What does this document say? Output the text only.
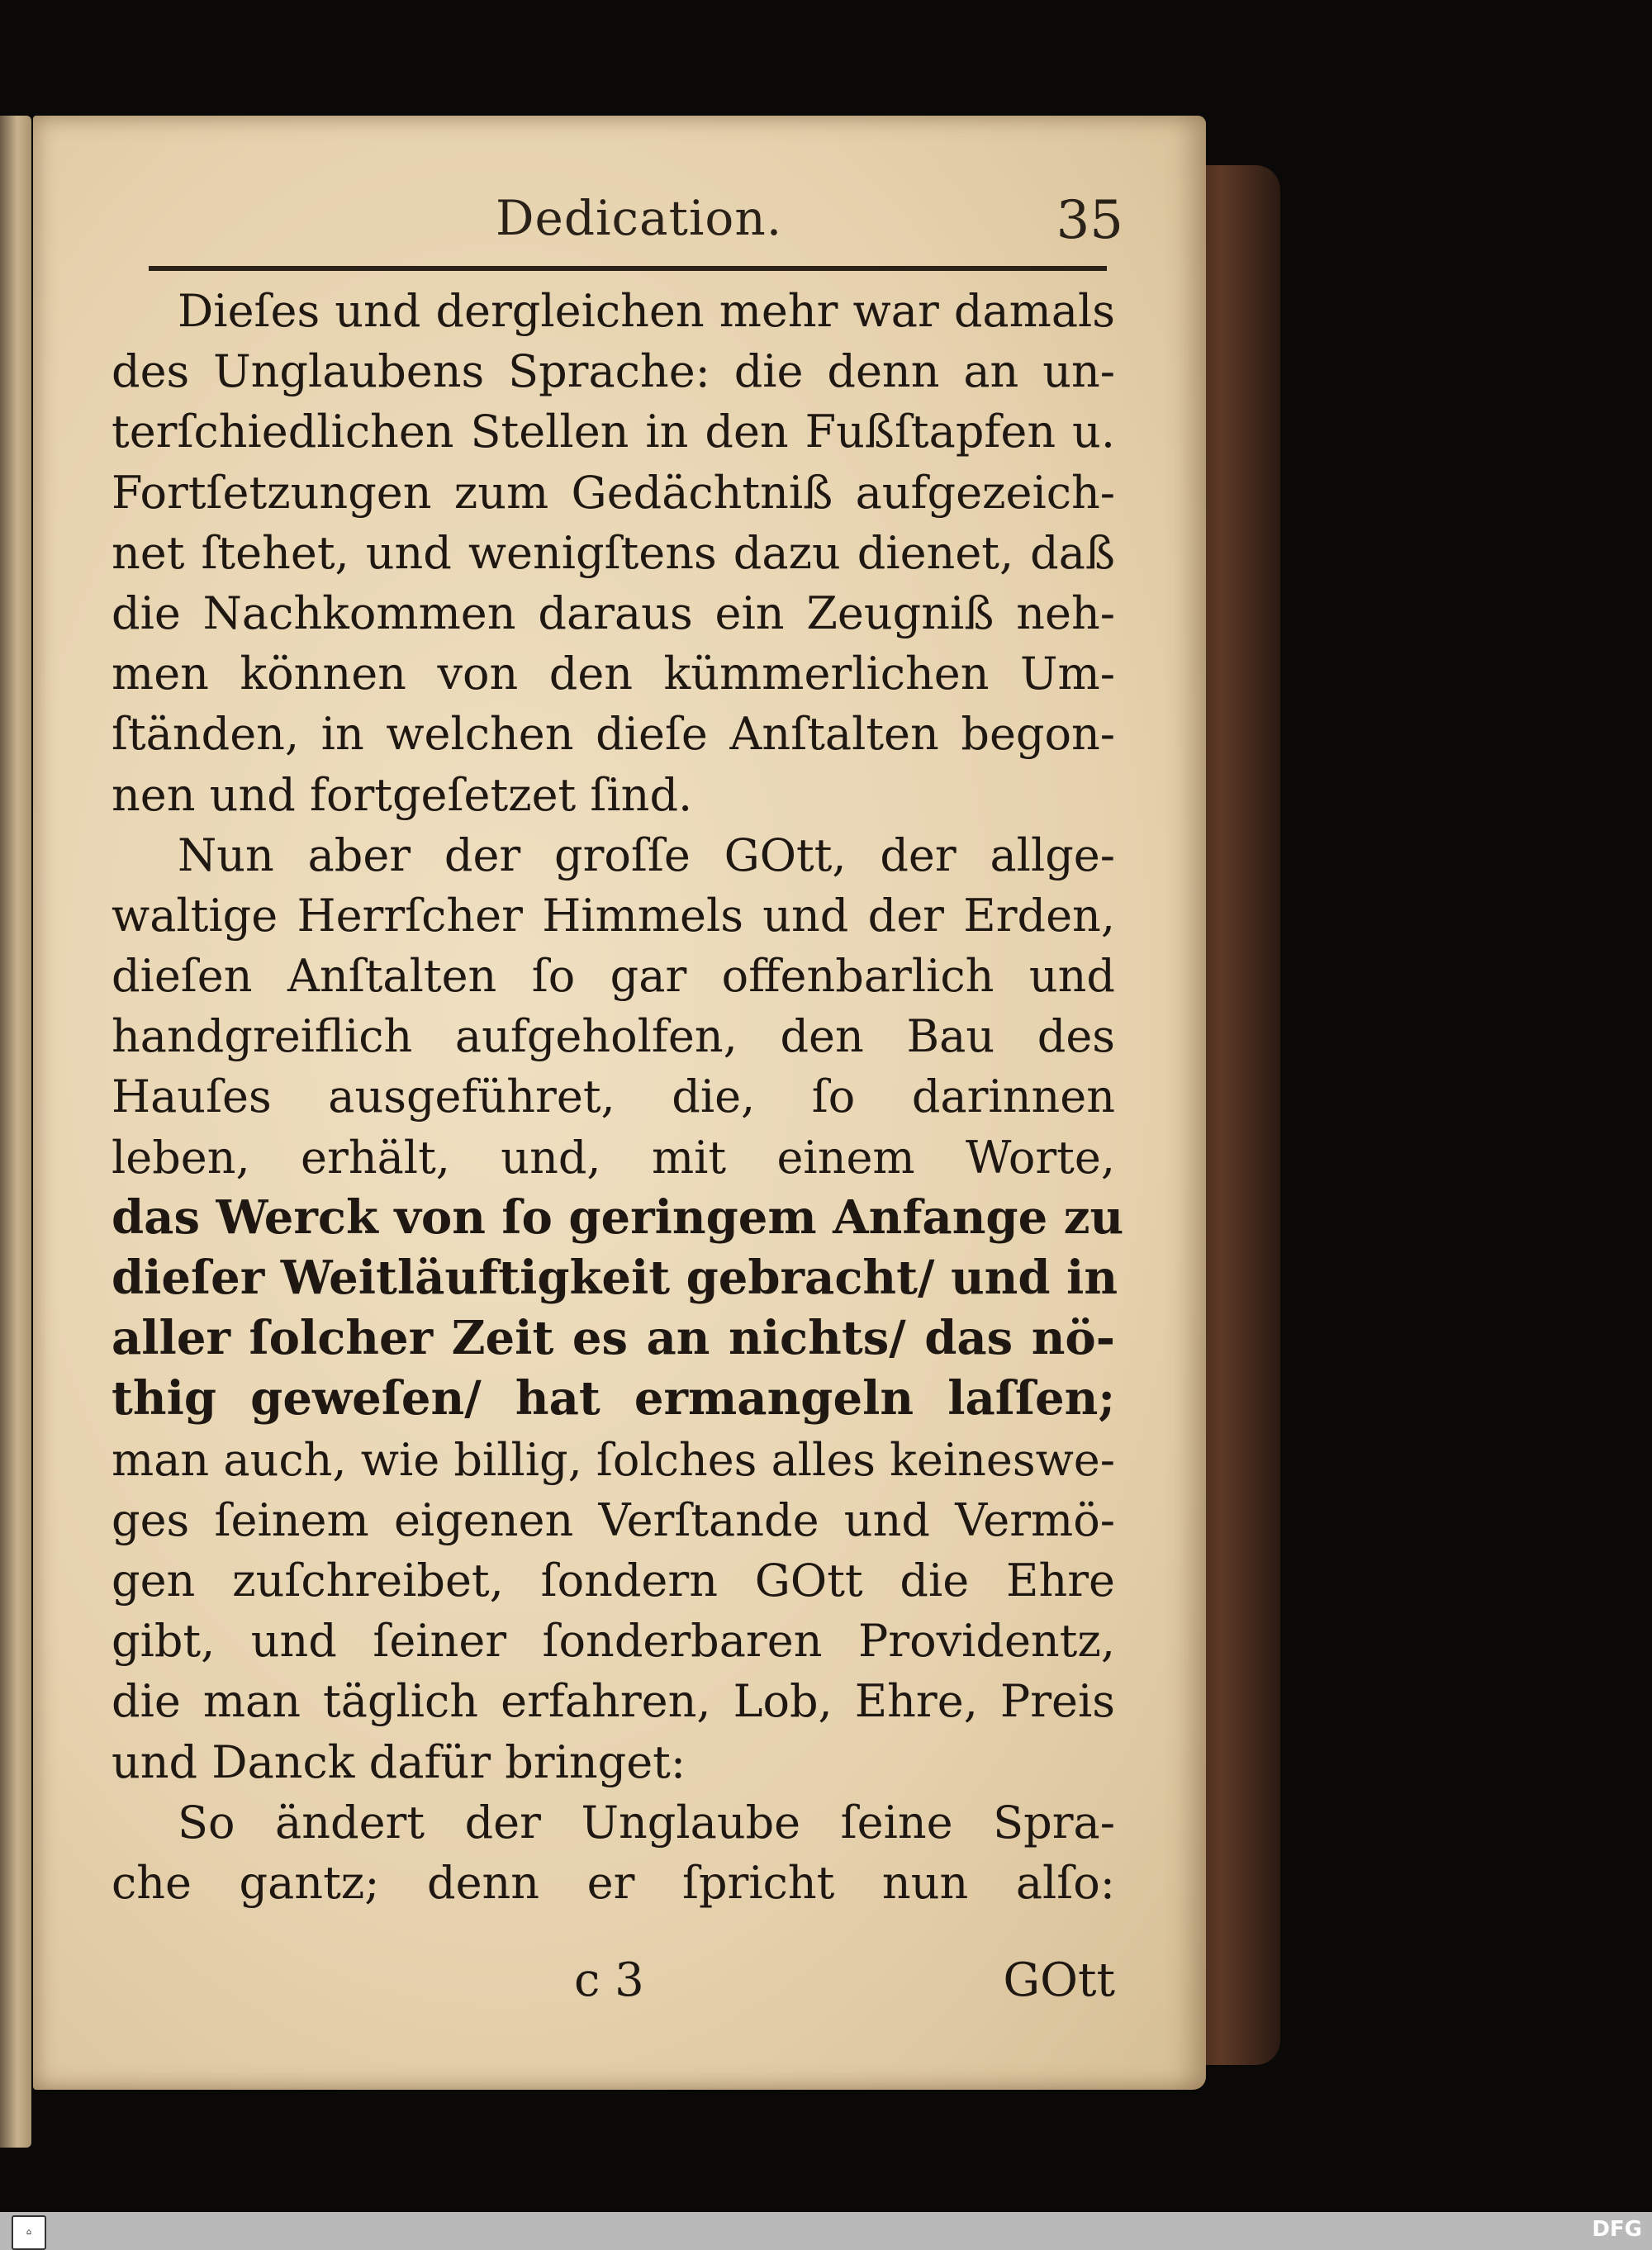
Dedication.	35
Dieſes und dergleichen mehr war damals
des Unglaubens Sprache: die denn an un-
terſchiedlichen Stellen in den Fußſtapfen u.
Fortſetzungen zum Gedächtniß aufgezeich-
net ſtehet, und wenigſtens dazu dienet, daß
die Nachkommen daraus ein Zeugniß neh-
men können von den kümmerlichen Um-
ſtänden, in welchen dieſe Anſtalten begon-
nen und fortgeſetzet ſind.
Nun aber der groſſe GOtt, der allge-
waltige Herrſcher Himmels und der Erden,
dieſen Anſtalten ſo gar offenbarlich und
handgreiflich aufgeholfen, den Bau des
Hauſes ausgeführet, die, ſo darinnen
leben, erhält, und, mit einem Worte,
das Werck von ſo geringem Anfange zu
dieſer Weitläuftigkeit gebracht/ und in
aller ſolcher Zeit es an nichts/ das nö-
thig geweſen/ hat ermangeln laſſen;
man auch, wie billig, ſolches alles keineswe-
ges ſeinem eigenen Verſtande und Vermö-
gen zuſchreibet, ſondern GOtt die Ehre
gibt, und ſeiner ſonderbaren Providentz,
die man täglich erfahren, Lob, Ehre, Preis
und Danck dafür bringet:
So ändert der Unglaube ſeine Spra-
che gantz; denn er ſpricht nun alſo:
c 3	GOtt
⌂	DFG
